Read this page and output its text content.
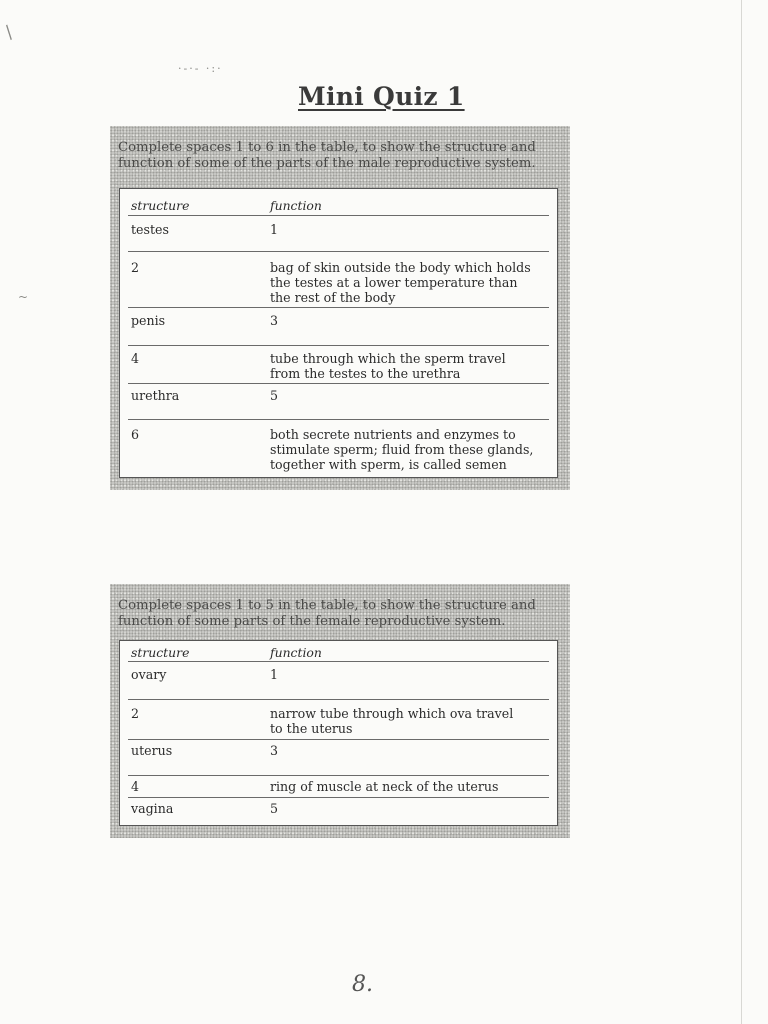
/
·-·- ·:·
~
Mini Quiz 1
Complete spaces 1 to 6 in the table, to show the structure and
function of some of the parts of the male reproductive system.
structure	function
testes	1
2	bag of skin outside the body which holds the testes at a lower temperature than the rest of the body
penis	3
4	tube through which the sperm travel from the testes to the urethra
urethra	5
6	both secrete nutrients and enzymes to stimulate sperm; fluid from these glands, together with sperm, is called semen
Complete spaces 1 to 5 in the table, to show the structure and
function of some parts of the female reproductive system.
structure	function
ovary	1
2	narrow tube through which ova travel to the uterus
uterus	3
4	ring of muscle at neck of the uterus
vagina	5
8.
